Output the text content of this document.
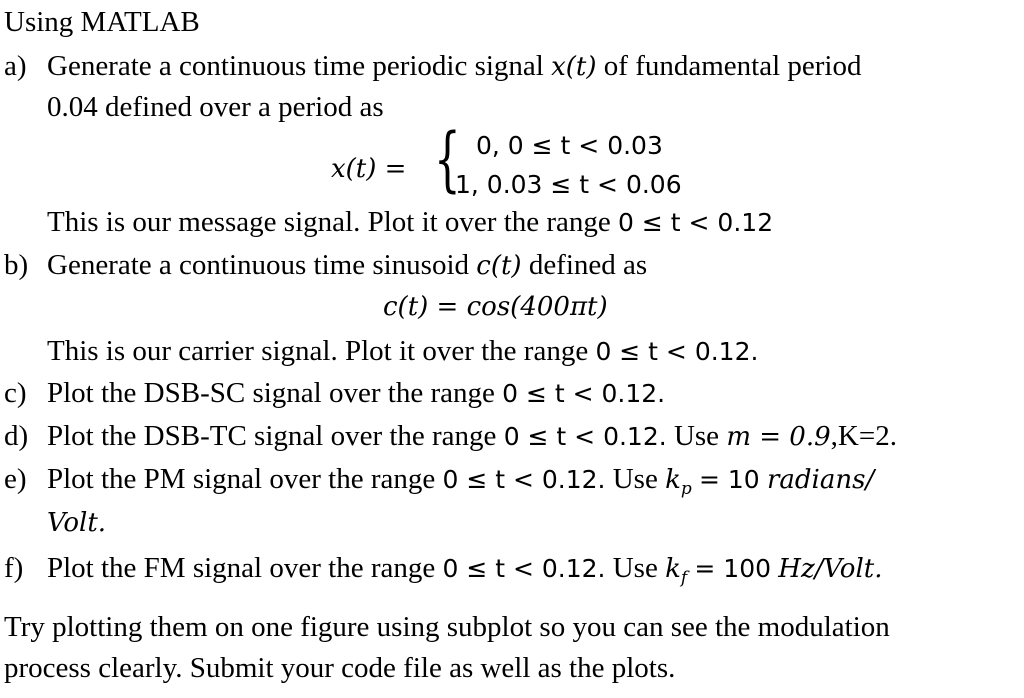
Using MATLAB
a) Generate a continuous time periodic signal x(t) of fundamental period
0.04 defined over a period as
x(t) = { 0, 0 ≤ t < 0.03
1, 0.03 ≤ t < 0.06
This is our message signal. Plot it over the range 0 ≤ t < 0.12
b) Generate a continuous time sinusoid c(t) defined as
c(t) = cos(400πt)
This is our carrier signal. Plot it over the range 0 ≤ t < 0.12.
c) Plot the DSB-SC signal over the range 0 ≤ t < 0.12.
d) Plot the DSB-TC signal over the range 0 ≤ t < 0.12. Use m = 0.9,K=2.
e) Plot the PM signal over the range 0 ≤ t < 0.12. Use $k_p = 10$ radians/
Volt.
f) Plot the FM signal over the range 0 ≤ t < 0.12. Use $k_f = 100$ Hz/Volt.
Try plotting them on one figure using subplot so you can see the modulation
process clearly. Submit your code file as well as the plots.
